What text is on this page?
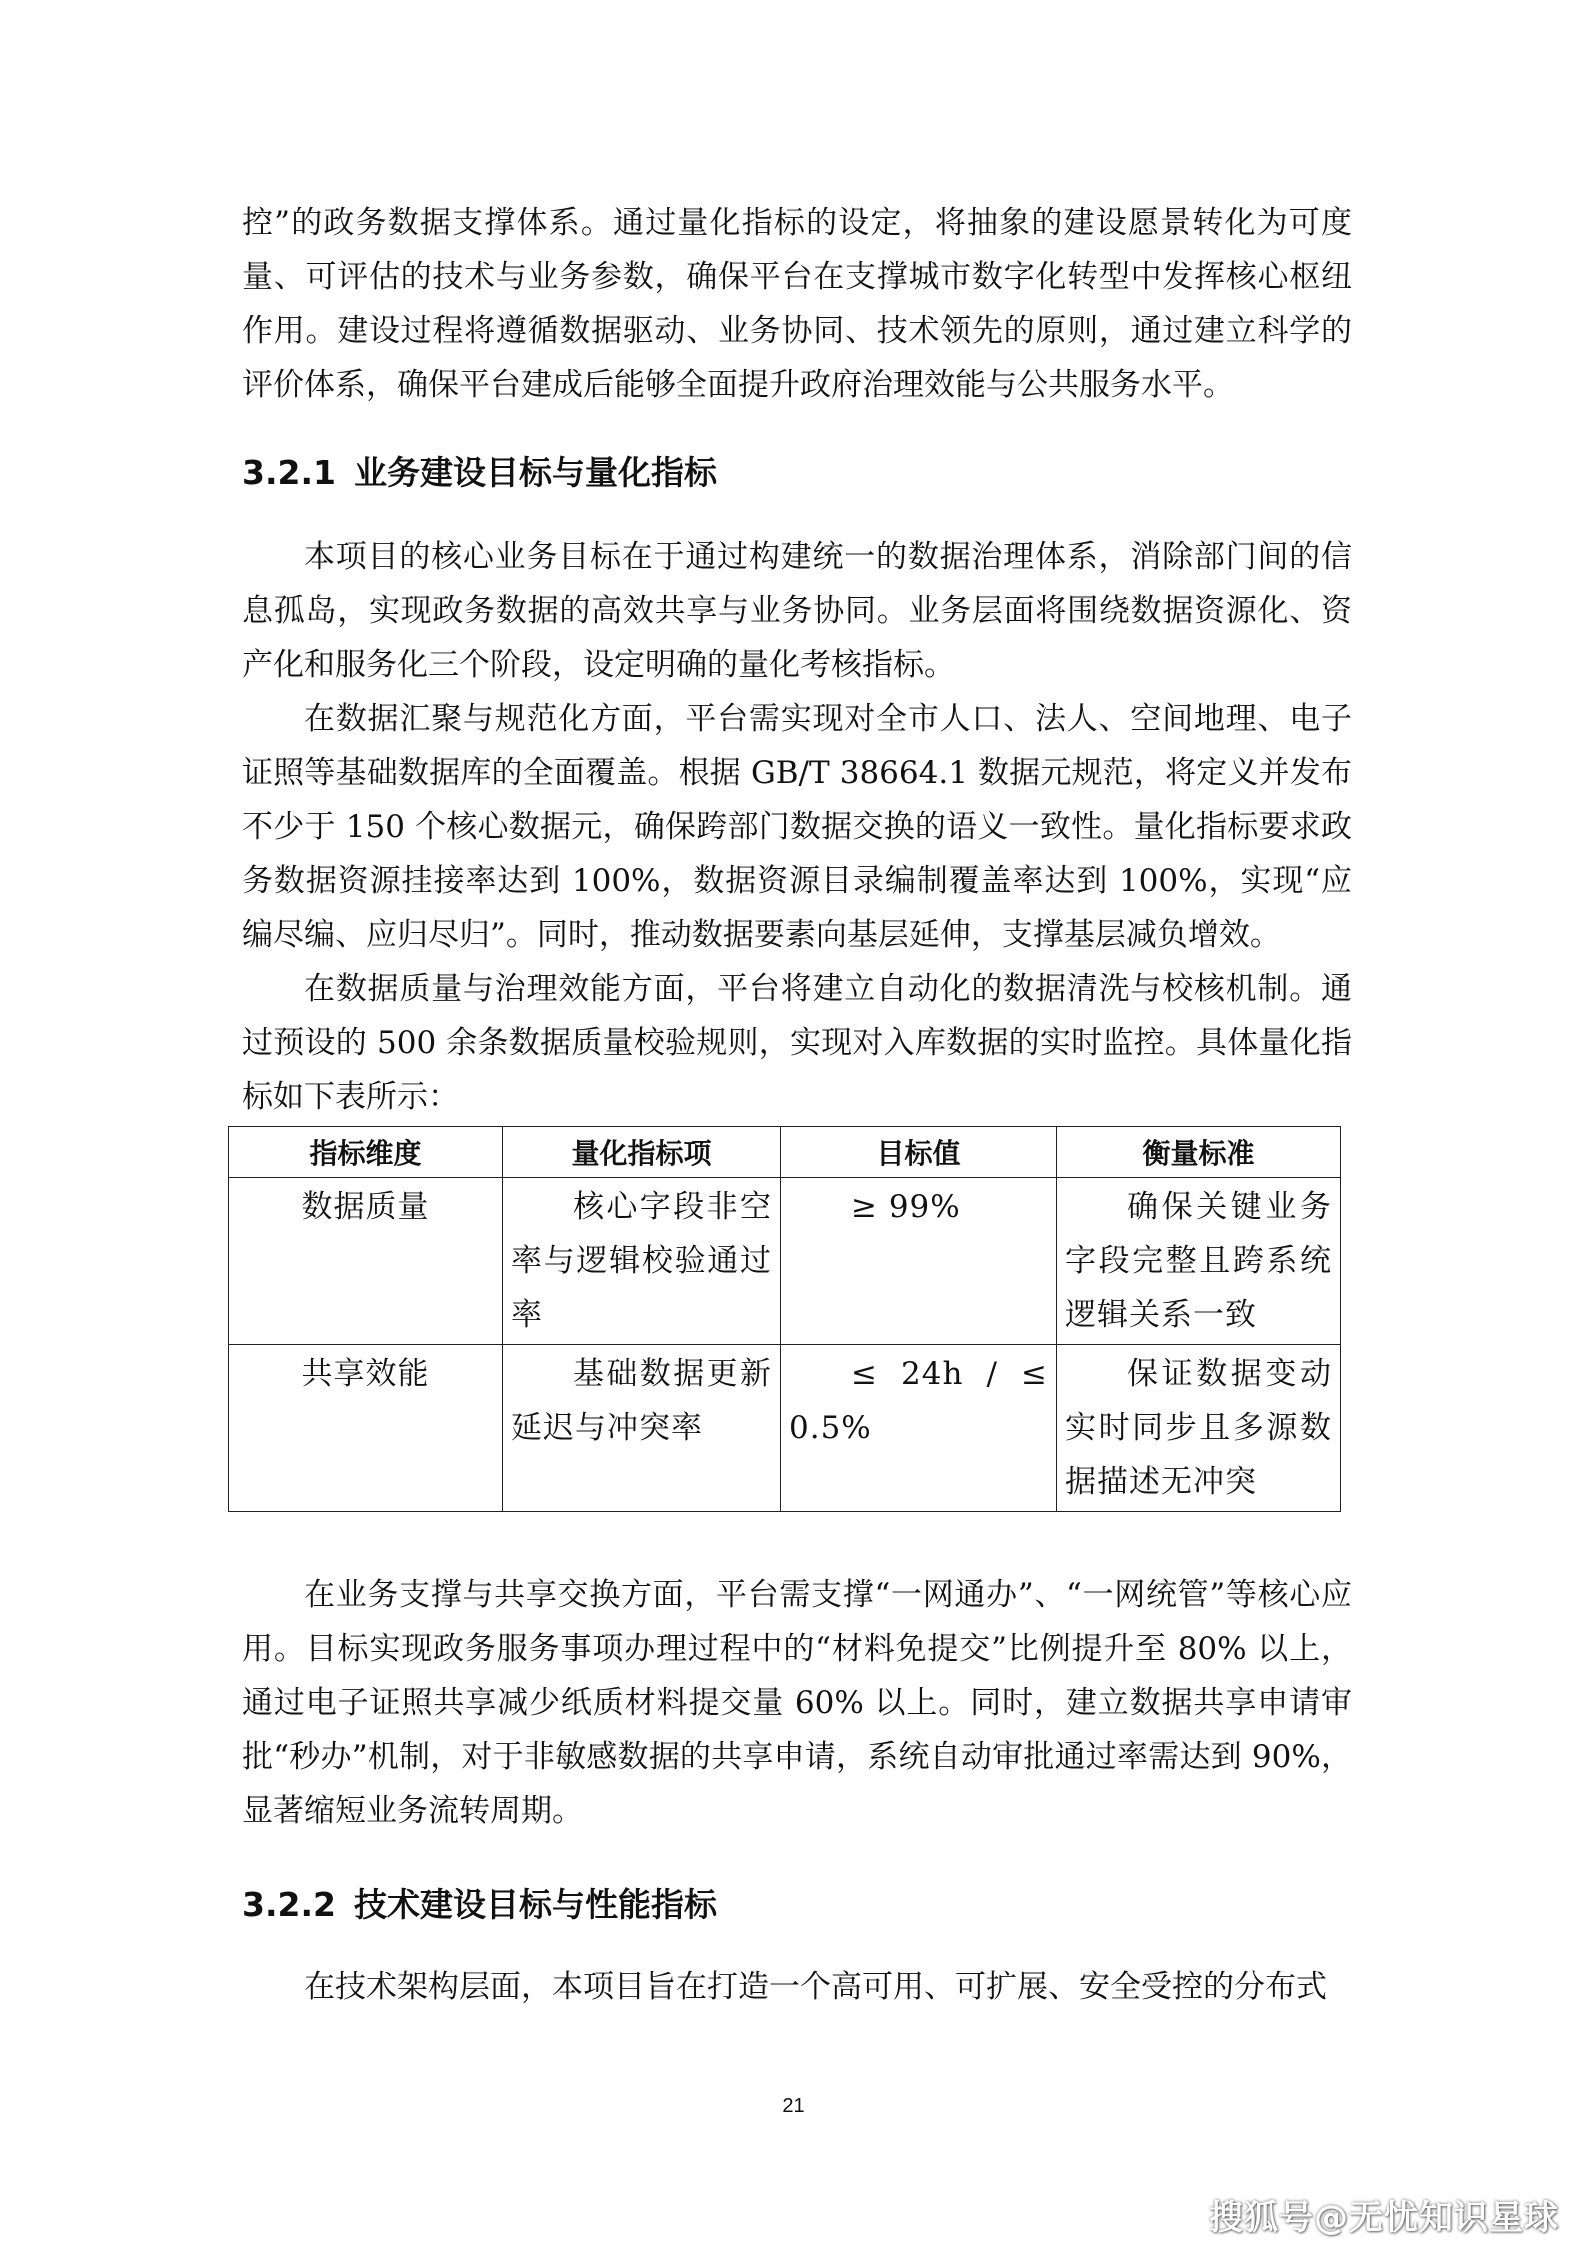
控”的政务数据支撑体系。通过量化指标的设定，将抽象的建设愿景转化为可度量、可评估的技术与业务参数，确保平台在支撑城市数字化转型中发挥核心枢纽作用。建设过程将遵循数据驱动、业务协同、技术领先的原则，通过建立科学的评价体系，确保平台建成后能够全面提升政府治理效能与公共服务水平。

3.2.1 业务建设目标与量化指标

本项目的核心业务目标在于通过构建统一的数据治理体系，消除部门间的信息孤岛，实现政务数据的高效共享与业务协同。业务层面将围绕数据资源化、资产化和服务化三个阶段，设定明确的量化考核指标。

在数据汇聚与规范化方面，平台需实现对全市人口、法人、空间地理、电子证照等基础数据库的全面覆盖。根据 GB/T 38664.1 数据元规范，将定义并发布不少于 150 个核心数据元，确保跨部门数据交换的语义一致性。量化指标要求政务数据资源挂接率达到 100%，数据资源目录编制覆盖率达到 100%，实现“应编尽编、应归尽归”。同时，推动数据要素向基层延伸，支撑基层减负增效。

在数据质量与治理效能方面，平台将建立自动化的数据清洗与校核机制。通过预设的 500 余条数据质量校验规则，实现对入库数据的实时监控。具体量化指标如下表所示：

指标维度	量化指标项	目标值	衡量标准
数据质量	核心字段非空率与逻辑校验通过率	≥ 99%	确保关键业务字段完整且跨系统逻辑关系一致
共享效能	基础数据更新延迟与冲突率	≤ 24h / ≤ 0.5%	保证数据变动实时同步且多源数据描述无冲突

在业务支撑与共享交换方面，平台需支撑“一网通办”、“一网统管”等核心应用。目标实现政务服务事项办理过程中的“材料免提交”比例提升至 80% 以上，通过电子证照共享减少纸质材料提交量 60% 以上。同时，建立数据共享申请审批“秒办”机制，对于非敏感数据的共享申请，系统自动审批通过率需达到 90%，显著缩短业务流转周期。

3.2.2 技术建设目标与性能指标

在技术架构层面，本项目旨在打造一个高可用、可扩展、安全受控的分布式

21
搜狐号@无忧知识星球
